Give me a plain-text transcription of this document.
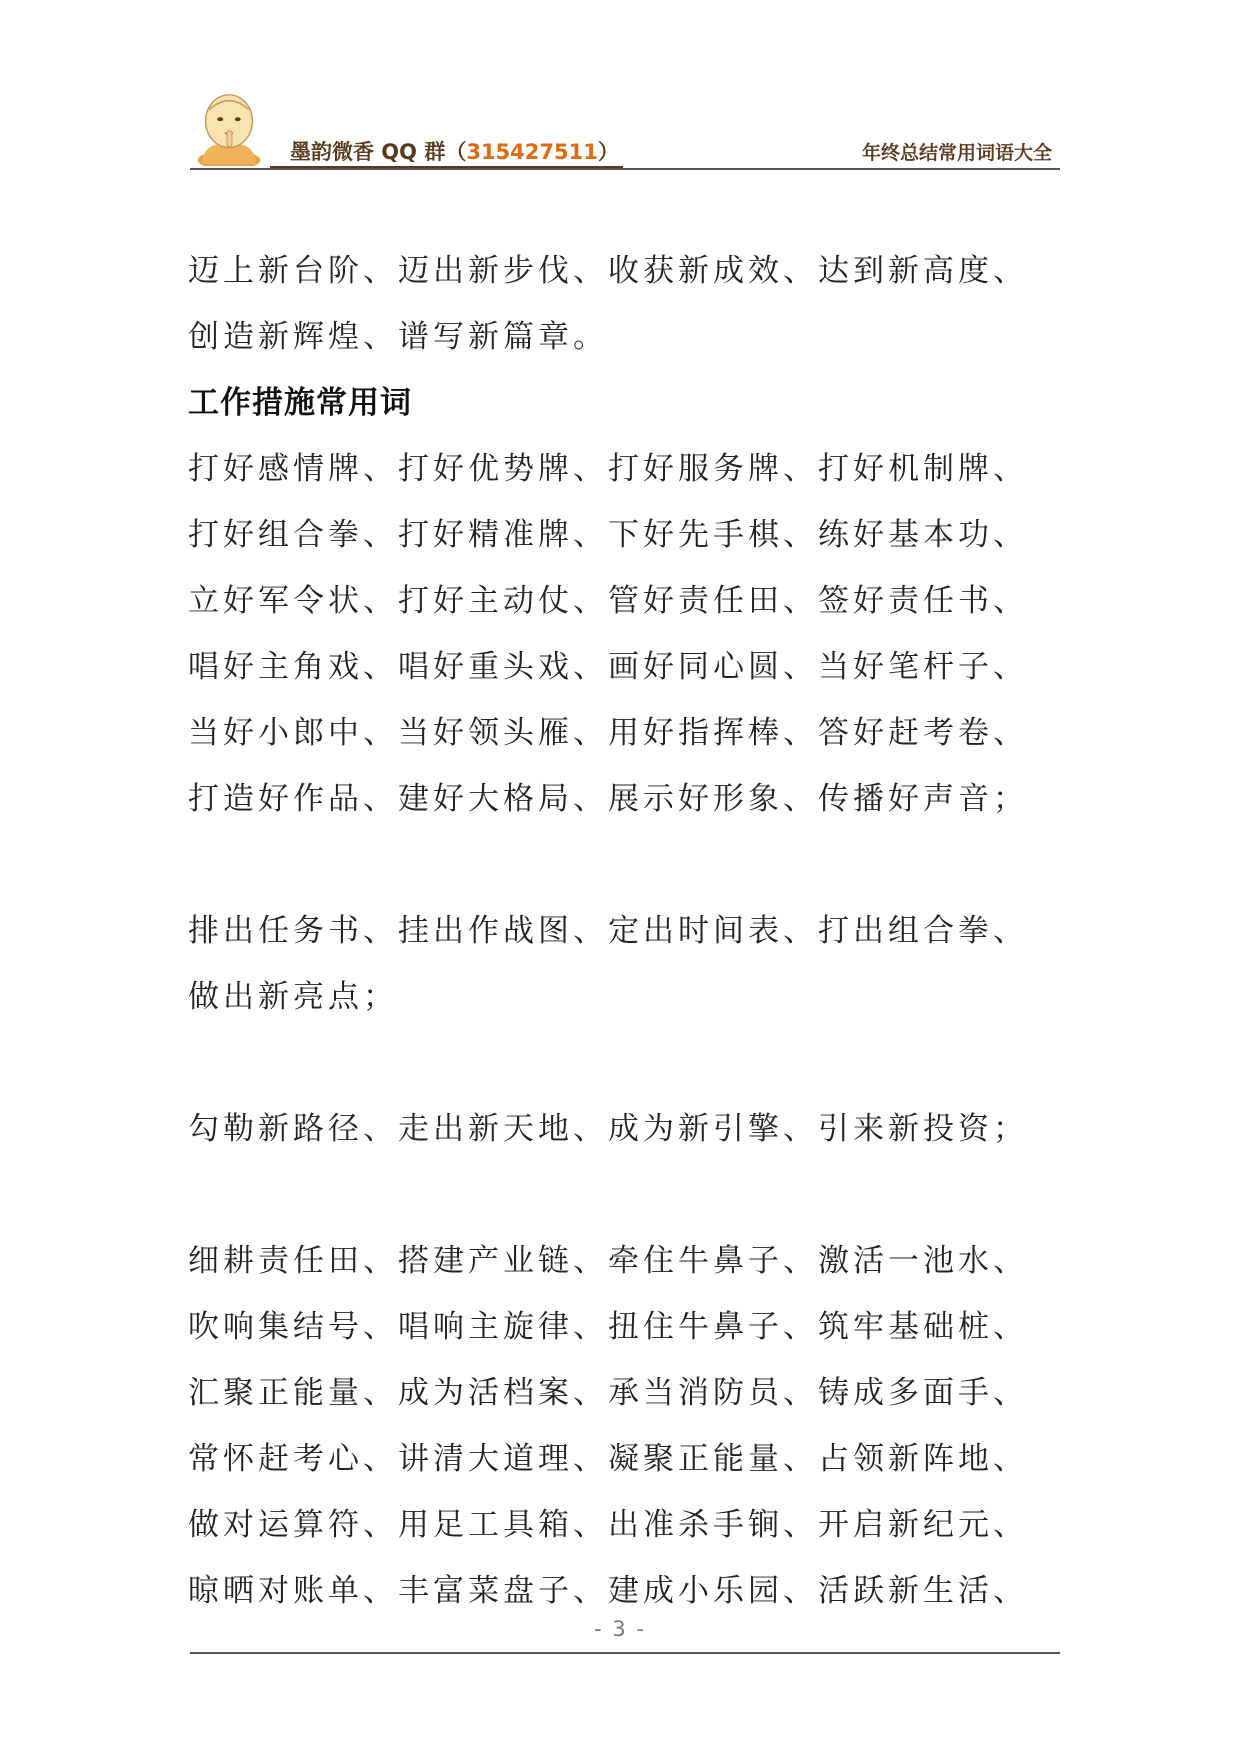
墨韵微香 QQ 群（315427511）	年终总结常用词语大全

迈上新台阶、迈出新步伐、收获新成效、达到新高度、

创造新辉煌、谱写新篇章。

工作措施常用词

打好感情牌、打好优势牌、打好服务牌、打好机制牌、

打好组合拳、打好精准牌、下好先手棋、练好基本功、

立好军令状、打好主动仗、管好责任田、签好责任书、

唱好主角戏、唱好重头戏、画好同心圆、当好笔杆子、

当好小郎中、当好领头雁、用好指挥棒、答好赶考卷、

打造好作品、建好大格局、展示好形象、传播好声音；

排出任务书、挂出作战图、定出时间表、打出组合拳、

做出新亮点；

勾勒新路径、走出新天地、成为新引擎、引来新投资；

细耕责任田、搭建产业链、牵住牛鼻子、激活一池水、

吹响集结号、唱响主旋律、扭住牛鼻子、筑牢基础桩、

汇聚正能量、成为活档案、承当消防员、铸成多面手、

常怀赶考心、讲清大道理、凝聚正能量、占领新阵地、

做对运算符、用足工具箱、出准杀手锏、开启新纪元、

晾晒对账单、丰富菜盘子、建成小乐园、活跃新生活、

- 3 -
